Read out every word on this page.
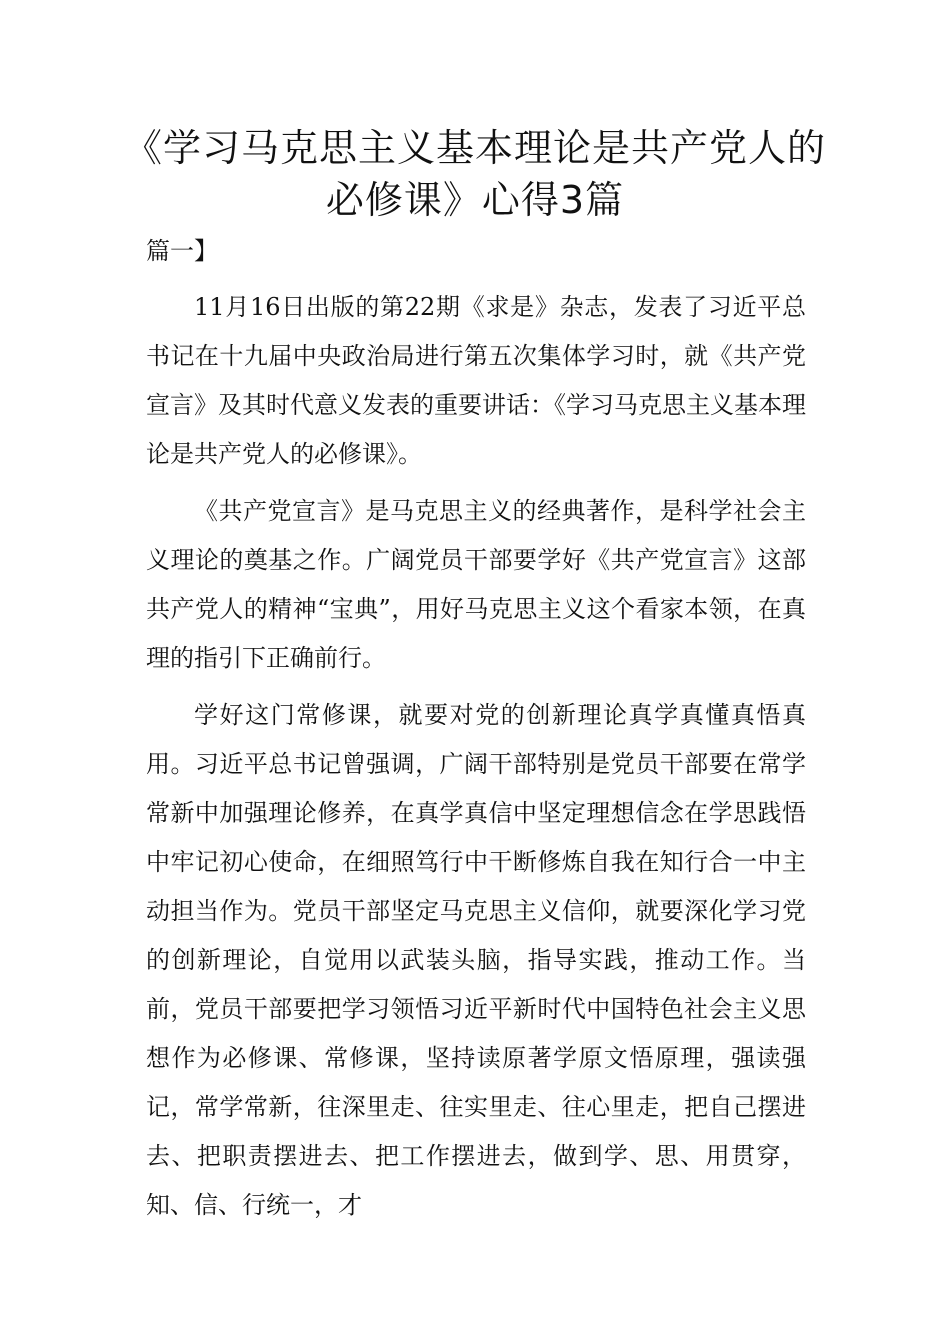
《学习马克思主义基本理论是共产党人的必修课》心得3篇
篇一】

11月16日出版的第22期《求是》杂志，发表了习近平总书记在十九届中央政治局进行第五次集体学习时，就《共产党宣言》及其时代意义发表的重要讲话：《学习马克思主义基本理论是共产党人的必修课》。

《共产党宣言》是马克思主义的经典著作，是科学社会主义理论的奠基之作。广阔党员干部要学好《共产党宣言》这部共产党人的精神“宝典”，用好马克思主义这个看家本领，在真理的指引下正确前行。

学好这门常修课，就要对党的创新理论真学真懂真悟真用。习近平总书记曾强调，广阔干部特别是党员干部要在常学常新中加强理论修养，在真学真信中坚定理想信念在学思践悟中牢记初心使命，在细照笃行中干断修炼自我在知行合一中主动担当作为。党员干部坚定马克思主义信仰，就要深化学习党的创新理论，自觉用以武装头脑，指导实践，推动工作。当前，党员干部要把学习领悟习近平新时代中国特色社会主义思想作为必修课、常修课，坚持读原著学原文悟原理，强读强记，常学常新，往深里走、往实里走、往心里走，把自己摆进去、把职责摆进去、把工作摆进去，做到学、思、用贯穿，知、信、行统一，才
